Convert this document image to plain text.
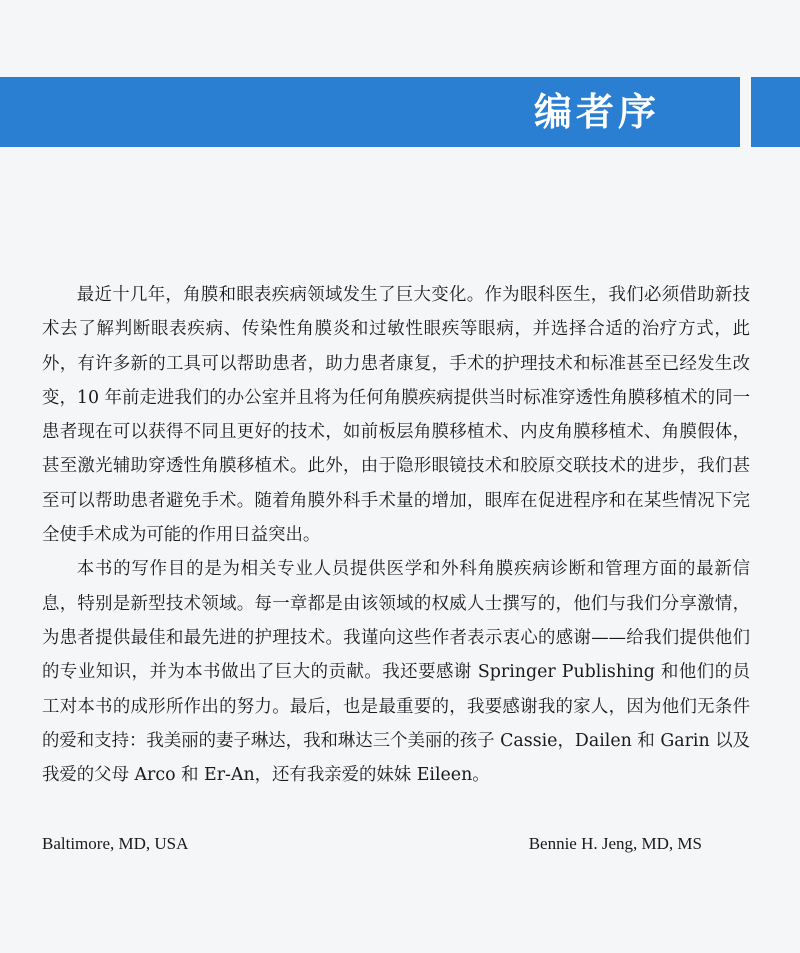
编者序

最近十几年，角膜和眼表疾病领域发生了巨大变化。作为眼科医生，我们必须借助新技术去了解判断眼表疾病、传染性角膜炎和过敏性眼疾等眼病，并选择合适的治疗方式，此外，有许多新的工具可以帮助患者，助力患者康复，手术的护理技术和标准甚至已经发生改变，10 年前走进我们的办公室并且将为任何角膜疾病提供当时标准穿透性角膜移植术的同一患者现在可以获得不同且更好的技术，如前板层角膜移植术、内皮角膜移植术、角膜假体，甚至激光辅助穿透性角膜移植术。此外，由于隐形眼镜技术和胶原交联技术的进步，我们甚至可以帮助患者避免手术。随着角膜外科手术量的增加，眼库在促进程序和在某些情况下完全使手术成为可能的作用日益突出。

本书的写作目的是为相关专业人员提供医学和外科角膜疾病诊断和管理方面的最新信息，特别是新型技术领域。每一章都是由该领域的权威人士撰写的，他们与我们分享激情，为患者提供最佳和最先进的护理技术。我谨向这些作者表示衷心的感谢——给我们提供他们的专业知识，并为本书做出了巨大的贡献。我还要感谢 Springer Publishing 和他们的员工对本书的成形所作出的努力。最后，也是最重要的，我要感谢我的家人，因为他们无条件的爱和支持：我美丽的妻子琳达，我和琳达三个美丽的孩子 Cassie，Dailen 和 Garin 以及我爱的父母 Arco 和 Er-An，还有我亲爱的妹妹 Eileen。

Baltimore, MD, USA	Bennie H. Jeng, MD, MS
